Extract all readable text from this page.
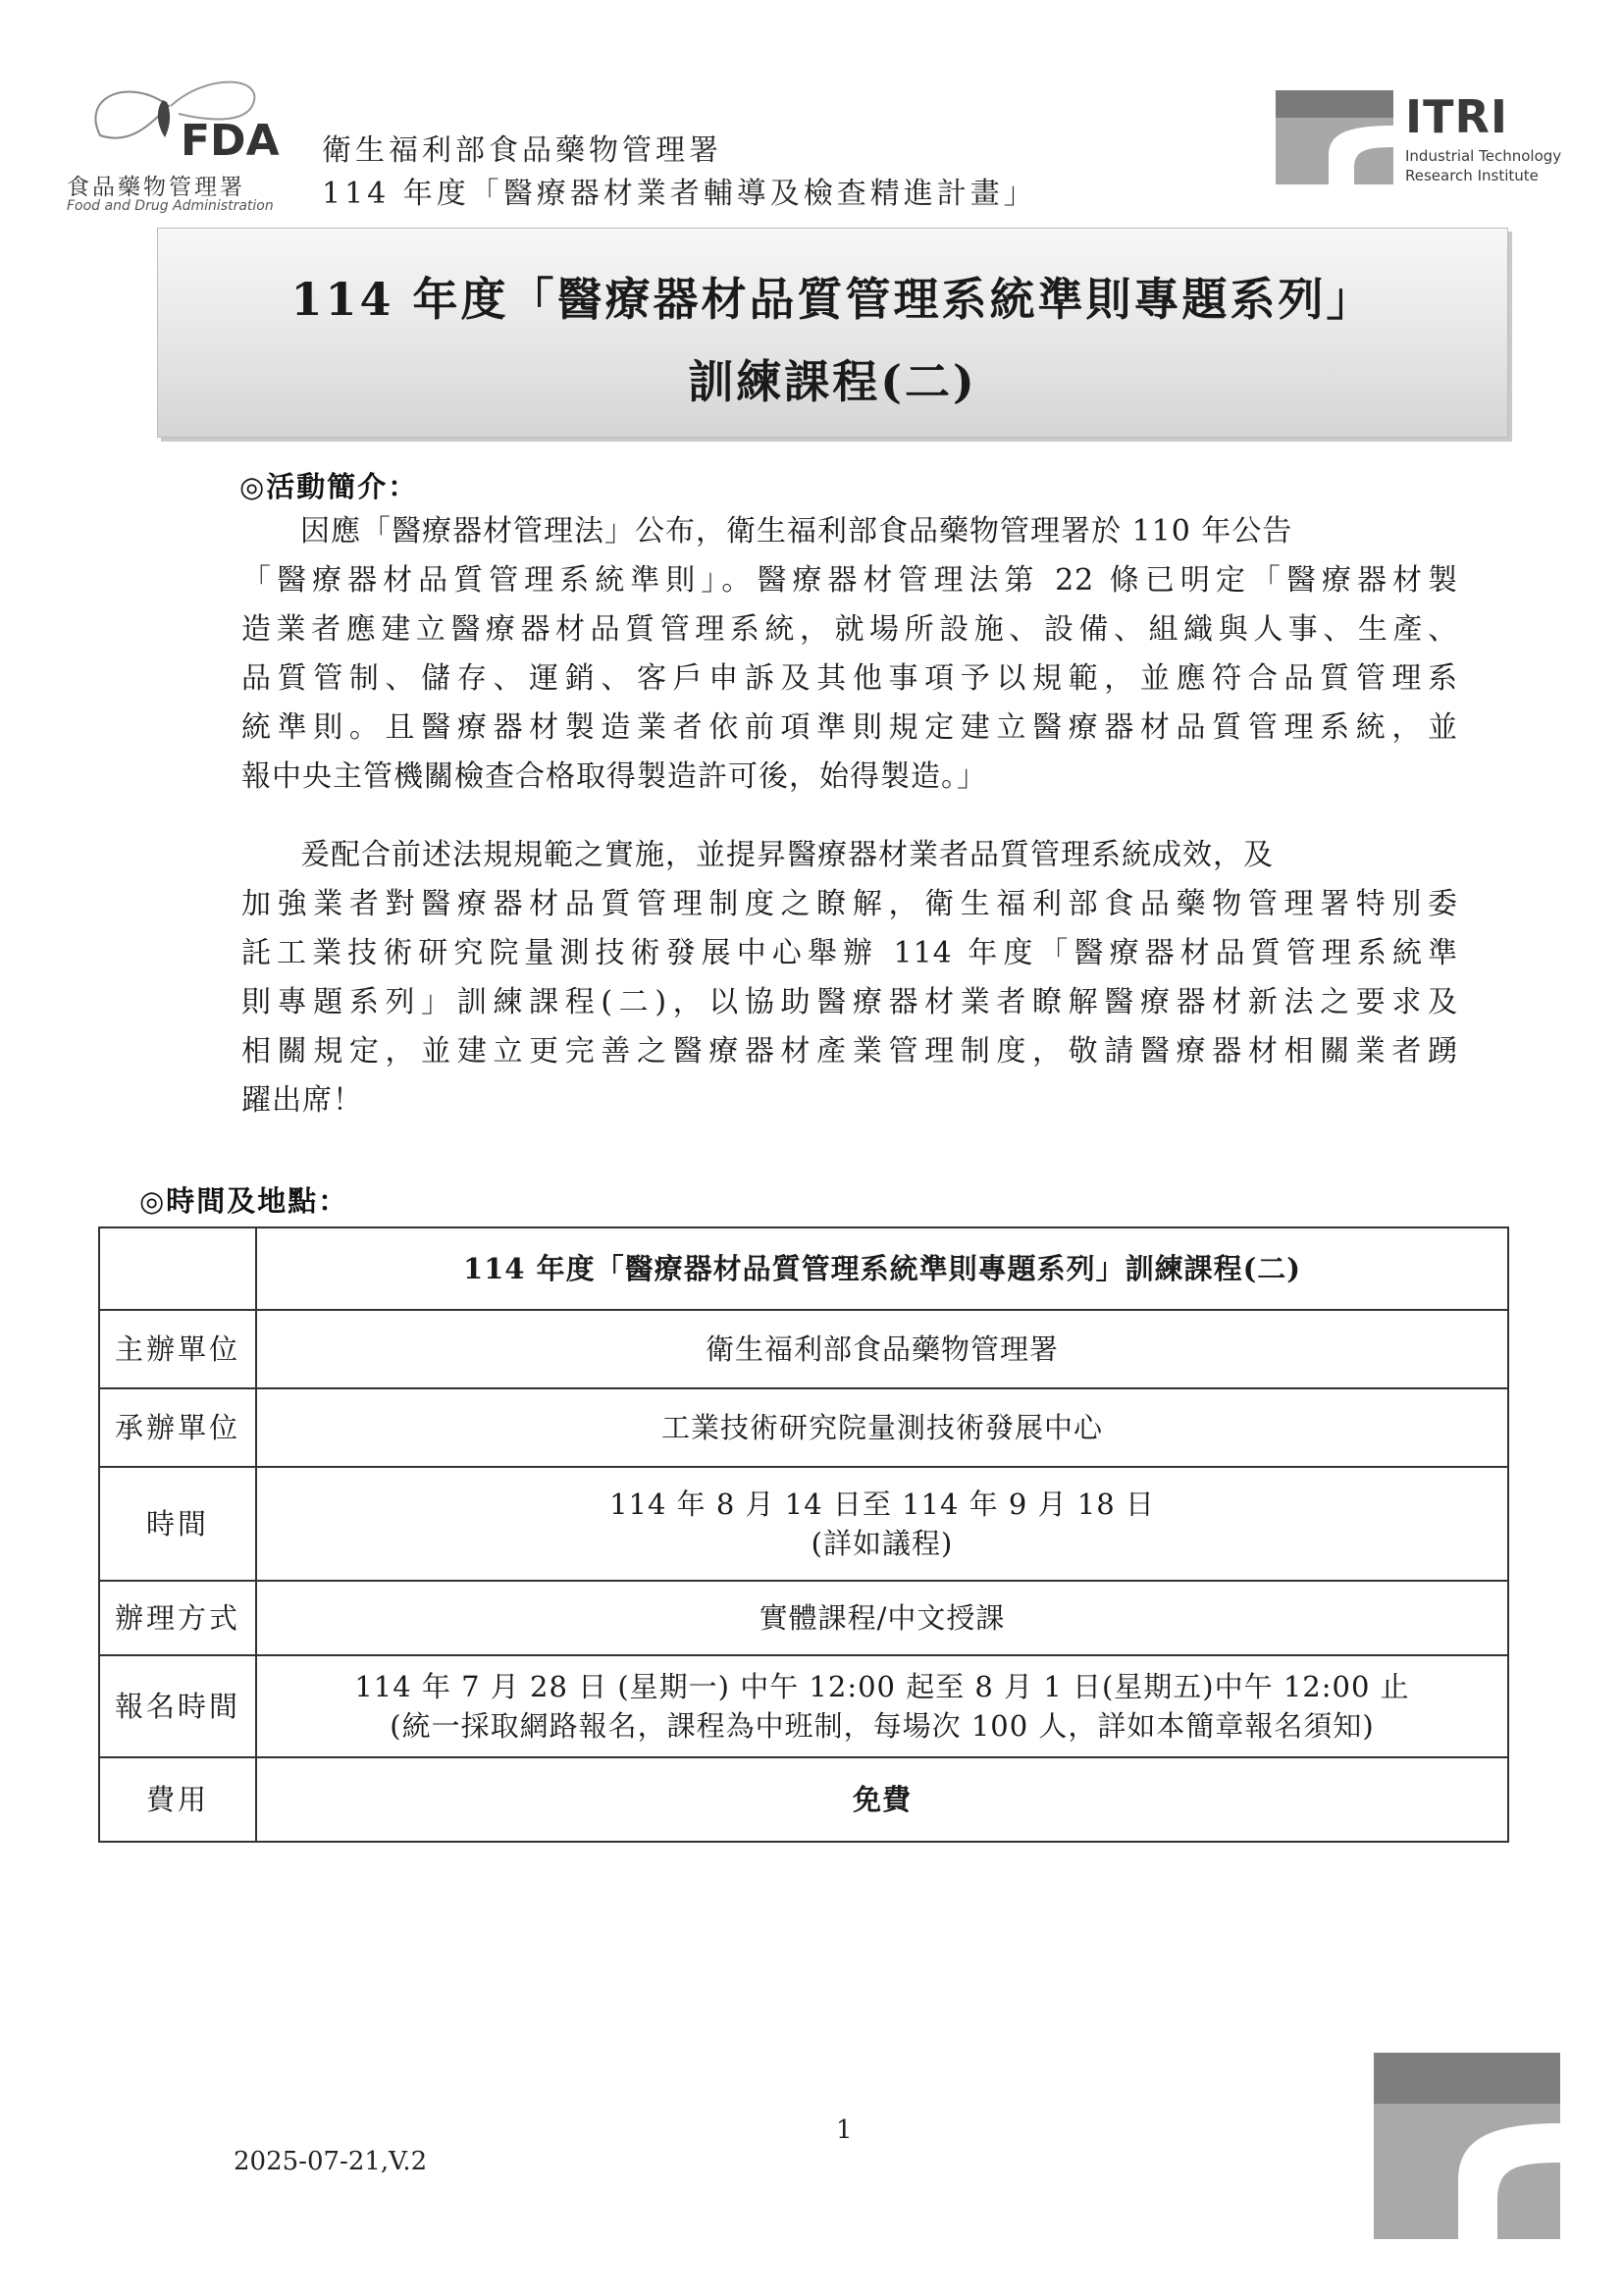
FDA
食品藥物管理署
Food and Drug Administration
衛生福利部食品藥物管理署
114 年度「醫療器材業者輔導及檢查精進計畫」
ITRI
Industrial Technology
Research Institute
114 年度「醫療器材品質管理系統準則專題系列」
訓練課程(二)
◎活動簡介：
因應「醫療器材管理法」公布，衛生福利部食品藥物管理署於 110 年公告
「醫療器材品質管理系統準則」。醫療器材管理法第 22 條已明定「醫療器材製
造業者應建立醫療器材品質管理系統，就場所設施、設備、組織與人事、生產、
品質管制、儲存、運銷、客戶申訴及其他事項予以規範，並應符合品質管理系
統準則。且醫療器材製造業者依前項準則規定建立醫療器材品質管理系統，並
報中央主管機關檢查合格取得製造許可後，始得製造。」
爰配合前述法規規範之實施，並提昇醫療器材業者品質管理系統成效，及
加強業者對醫療器材品質管理制度之瞭解，衛生福利部食品藥物管理署特別委
託工業技術研究院量測技術發展中心舉辦 114 年度「醫療器材品質管理系統準
則專題系列」訓練課程(二)，以協助醫療器材業者瞭解醫療器材新法之要求及
相關規定，並建立更完善之醫療器材產業管理制度，敬請醫療器材相關業者踴
躍出席！
◎時間及地點：
	114 年度「醫療器材品質管理系統準則專題系列」訓練課程(二)
主辦單位	衛生福利部食品藥物管理署
承辦單位	工業技術研究院量測技術發展中心
時間	114 年 8 月 14 日至 114 年 9 月 18 日
(詳如議程)

辦理方式	實體課程/中文授課
報名時間	114 年 7 月 28 日 (星期一) 中午 12:00 起至 8 月 1 日(星期五)中午 12:00 止
(統一採取網路報名，課程為中班制，每場次 100 人，詳如本簡章報名須知)

費用	免費
1
2025-07-21,V.2
